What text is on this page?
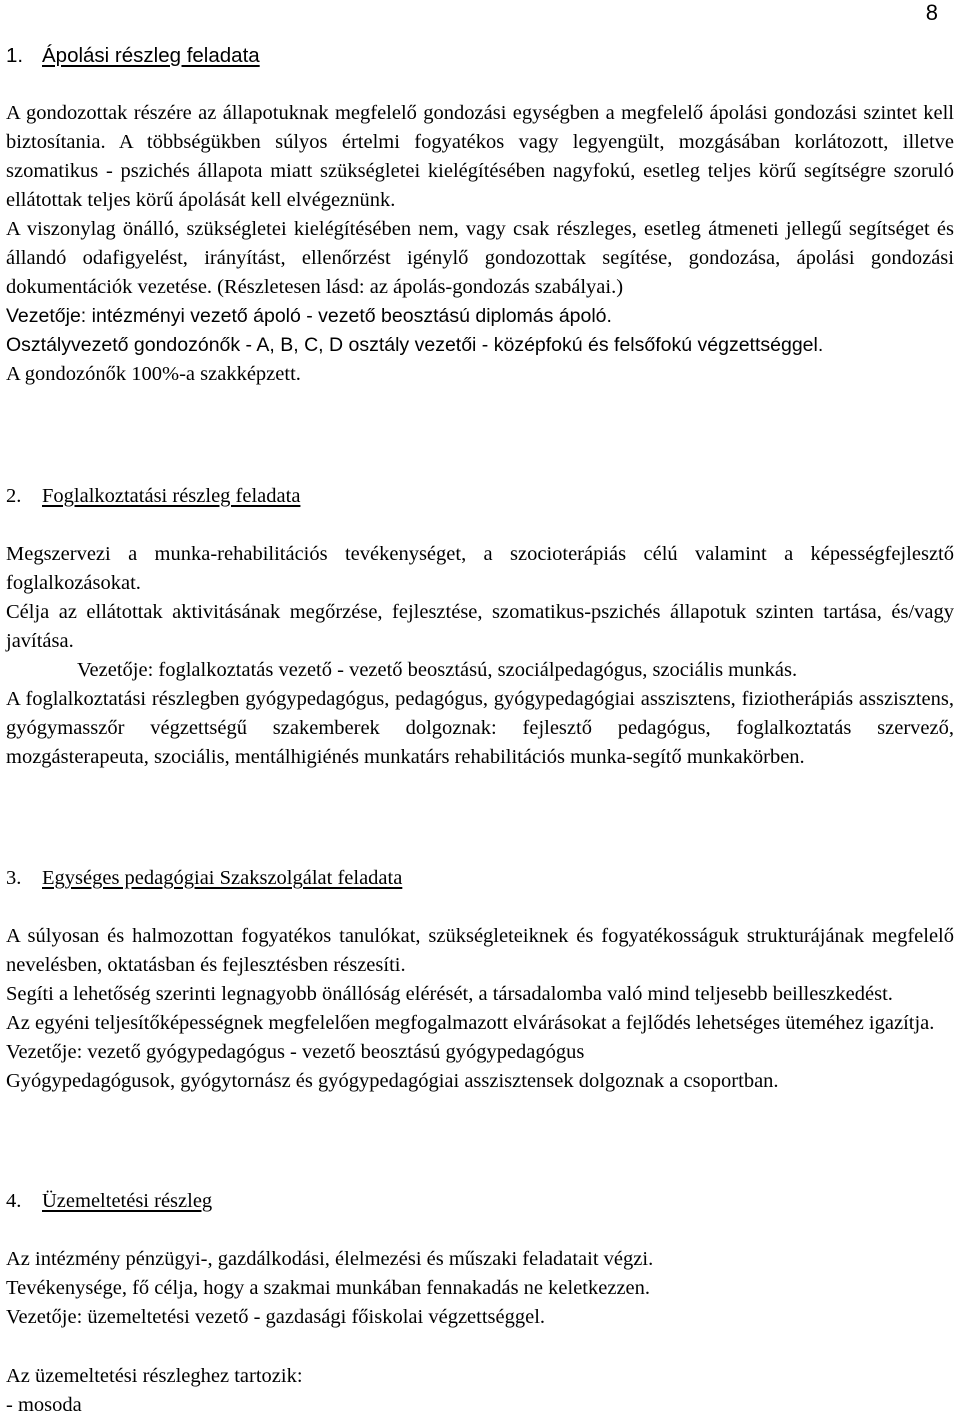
8
1. Ápolási részleg feladata

A gondozottak részére az állapotuknak megfelelő gondozási egységben a megfelelő ápolási gondozási szintet kell biztosítania. A többségükben súlyos értelmi fogyatékos vagy legyengült, mozgásában korlátozott, illetve szomatikus - pszichés állapota miatt szükségletei kielégítésében nagyfokú, esetleg teljes körű segítségre szoruló ellátottak teljes körű ápolását kell elvégeznünk.

A viszonylag önálló, szükségletei kielégítésében nem, vagy csak részleges, esetleg átmeneti jellegű segítséget és állandó odafigyelést, irányítást, ellenőrzést igénylő gondozottak segítése, gondozása, ápolási gondozási dokumentációk vezetése. (Részletesen lásd: az ápolás-gondozás szabályai.)

Vezetője: intézményi vezető ápoló - vezető beosztású diplomás ápoló.

Osztályvezető gondozónők - A, B, C, D osztály vezetői - középfokú és felsőfokú végzettséggel.

A gondozónők 100%-a szakképzett.

2. Foglalkoztatási részleg feladata

Megszervezi a munka-rehabilitációs tevékenységet, a szocioterápiás célú valamint a képességfejlesztő foglalkozásokat.

Célja az ellátottak aktivitásának megőrzése, fejlesztése, szomatikus-pszichés állapotuk szinten tartása, és/vagy javítása.

Vezetője: foglalkoztatás vezető - vezető beosztású, szociálpedagógus, szociális munkás.

A foglalkoztatási részlegben gyógypedagógus, pedagógus, gyógypedagógiai asszisztens, fiziotherápiás asszisztens, gyógymasszőr végzettségű szakemberek dolgoznak: fejlesztő pedagógus, foglalkoztatás szervező, mozgásterapeuta, szociális, mentálhigiénés munkatárs rehabilitációs munka-segítő munkakörben.

3. Egységes pedagógiai Szakszolgálat feladata

A súlyosan és halmozottan fogyatékos tanulókat, szükségleteiknek és fogyatékosságuk strukturájának megfelelő nevelésben, oktatásban és fejlesztésben részesíti.

Segíti a lehetőség szerinti legnagyobb önállóság elérését, a társadalomba való mind teljesebb beilleszkedést.

Az egyéni teljesítőképességnek megfelelően megfogalmazott elvárásokat a fejlődés lehetséges üteméhez igazítja.

Vezetője: vezető gyógypedagógus - vezető beosztású gyógypedagógus

Gyógypedagógusok, gyógytornász és gyógypedagógiai asszisztensek dolgoznak a csoportban.

4. Üzemeltetési részleg

Az intézmény pénzügyi-, gazdálkodási, élelmezési és műszaki feladatait végzi.

Tevékenysége, fő célja, hogy a szakmai munkában fennakadás ne keletkezzen.

Vezetője: üzemeltetési vezető - gazdasági főiskolai végzettséggel.

Az üzemeltetési részleghez tartozik:

- mosoda
